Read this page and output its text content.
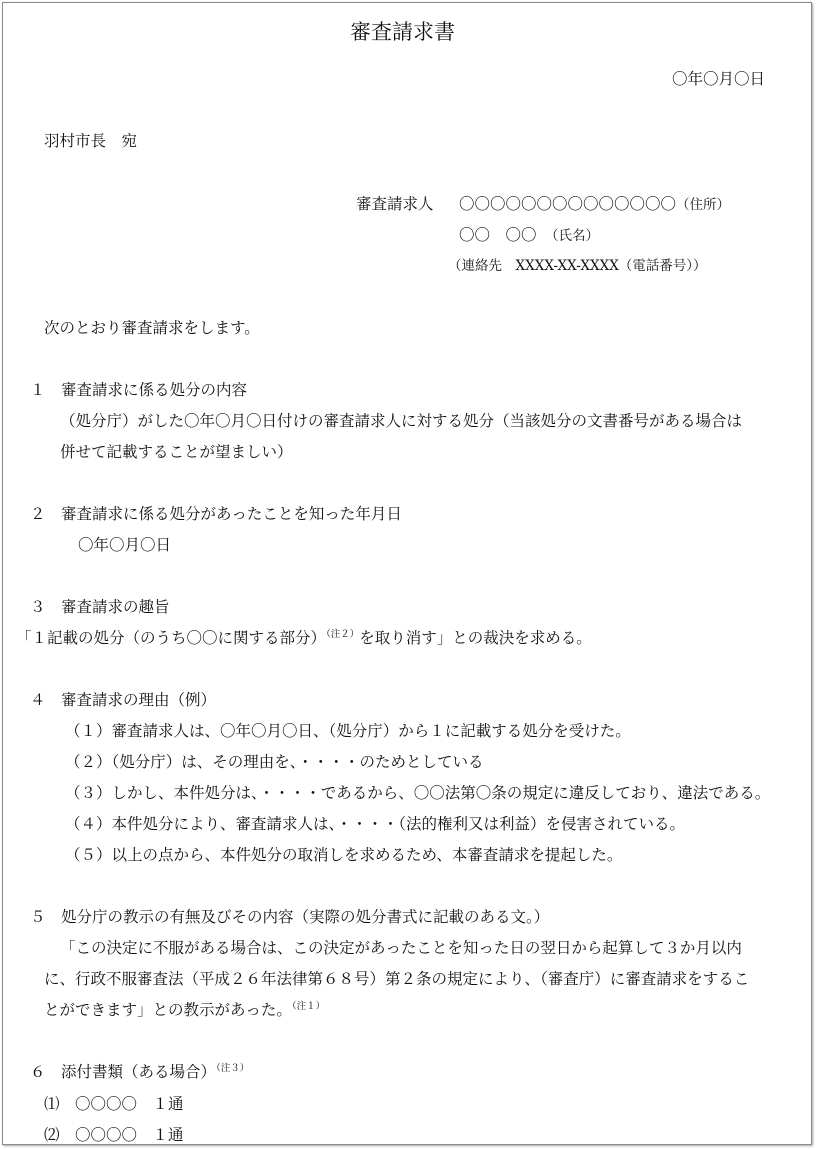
審査請求書
〇年〇月〇日
羽村市長　宛
審査請求人 〇〇〇〇〇〇〇〇〇〇〇〇〇〇 （住所）
〇〇　〇〇 （氏名）
（連絡先　XXXX-XX-XXXX（電話番号））
次のとおり審査請求をします。
１　審査請求に係る処分の内容
（処分庁）がした〇年〇月〇日付けの審査請求人に対する処分（当該処分の文書番号がある場合は
併せて記載することが望ましい）
２　審査請求に係る処分があったことを知った年月日
〇年〇月〇日
３　審査請求の趣旨
「１記載の処分（のうち〇〇に関する部分）$^{(注2)}$を取り消す」との裁決を求める。
４　審査請求の理由（例）
（１）審査請求人は、〇年〇月〇日、（処分庁）から１に記載する処分を受けた。
（２）（処分庁）は、その理由を、・・・・のためとしている
（３）しかし、本件処分は、・・・・であるから、〇〇法第〇条の規定に違反しており、違法である。
（４）本件処分により、審査請求人は、・・・・（法的権利又は利益）を侵害されている。
（５）以上の点から、本件処分の取消しを求めるため、本審査請求を提起した。
５　処分庁の教示の有無及びその内容（実際の処分書式に記載のある文。）
「この決定に不服がある場合は、この決定があったことを知った日の翌日から起算して３か月以内
に、行政不服審査法（平成２６年法律第６８号）第２条の規定により、（審査庁）に審査請求をするこ
とができます」との教示があった。$^{(注1)}$
６　添付書類（ある場合）$^{(注3)}$
⑴　〇〇〇〇　１通
⑵　〇〇〇〇　１通
